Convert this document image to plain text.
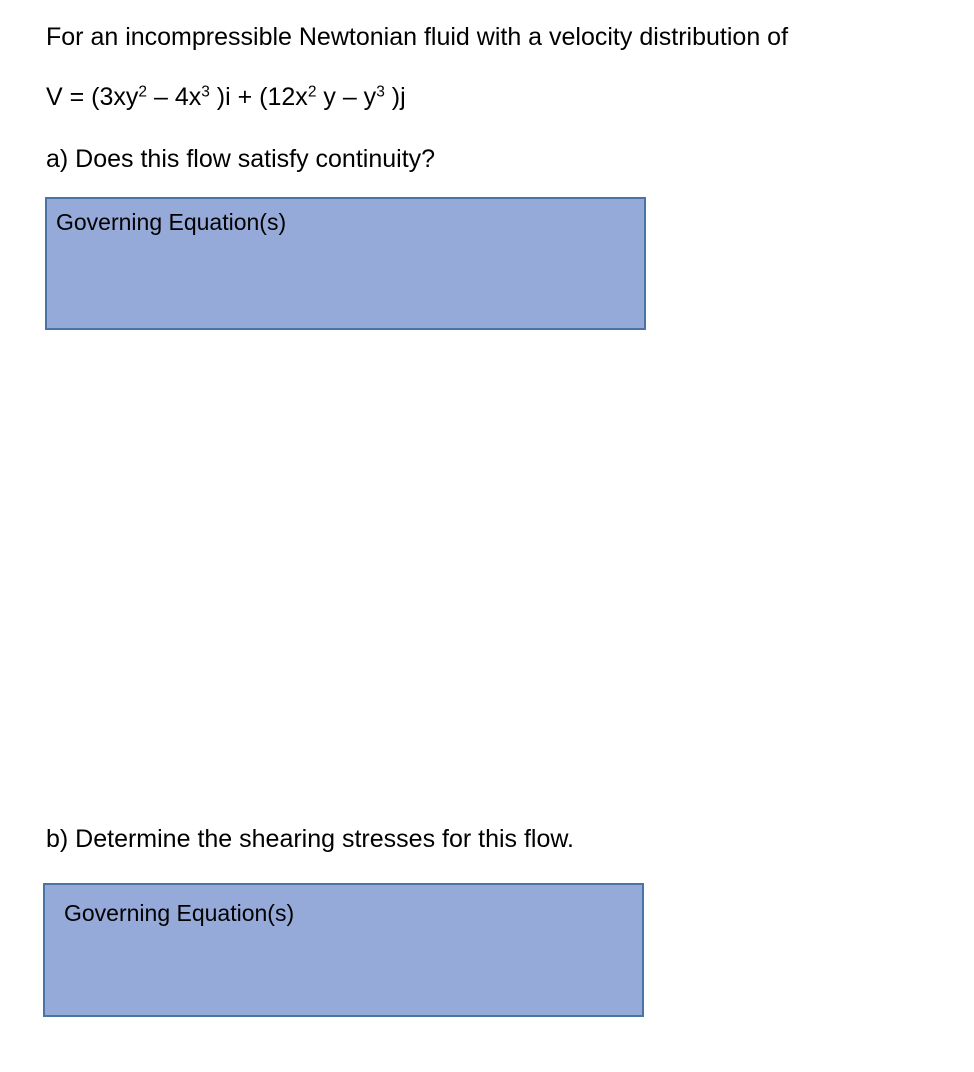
For an incompressible Newtonian fluid with a velocity distribution of
$V = (3xy^2 - 4x^3$ )$i + (12x^2$ y – $y^3$ )j
a) Does this flow satisfy continuity?
Governing Equation(s)
b) Determine the shearing stresses for this flow.
Governing Equation(s)
